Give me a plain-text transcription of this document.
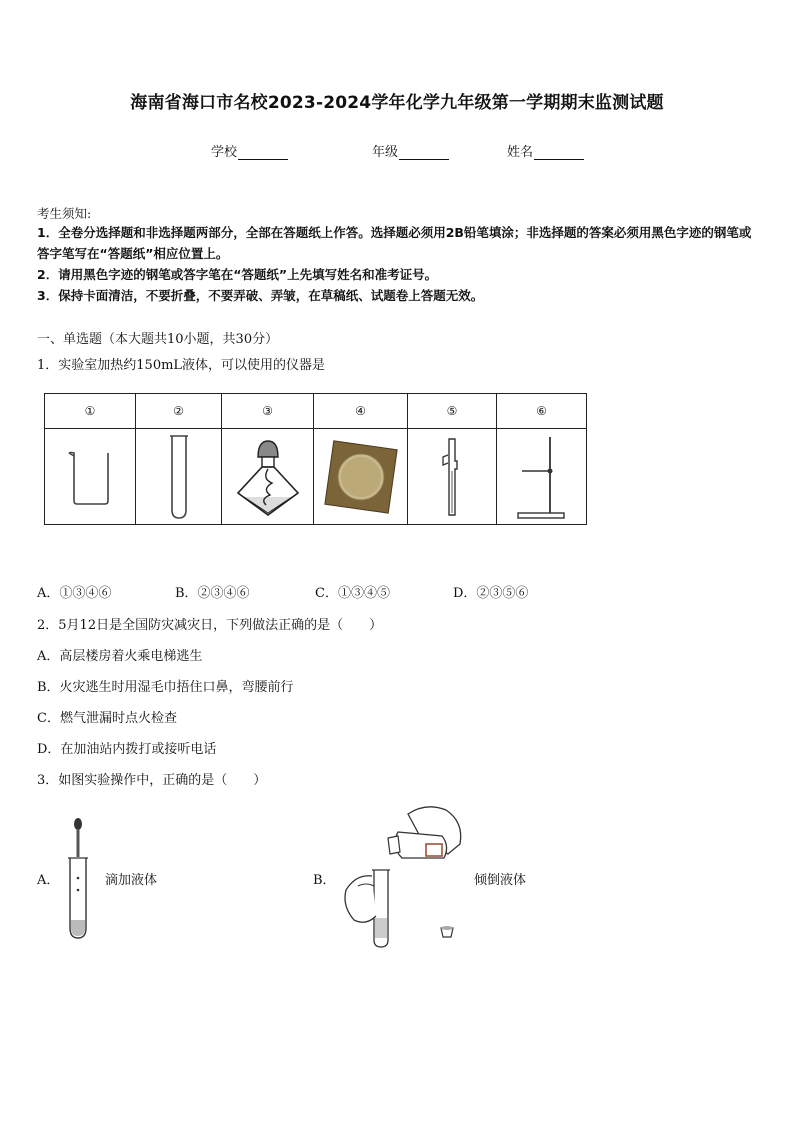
海南省海口市名校2023-2024学年化学九年级第一学期期末监测试题
学校	年级	姓名
考生须知:

1．全卷分选择题和非选择题两部分，全部在答题纸上作答。选择题必须用2B铅笔填涂；非选择题的答案必须用黑色字迹的钢笔或答字笔写在“答题纸”相应位置上。

2．请用黑色字迹的钢笔或答字笔在“答题纸”上先填写姓名和准考证号。

3．保持卡面清洁，不要折叠，不要弄破、弄皱，在草稿纸、试题卷上答题无效。

一、单选题（本大题共10小题，共30分）
1．实验室加热约150mL液体，可以使用的仪器是
①	②	③	④	⑤	⑥

A．①③④⑥	B．②③④⑥	C．①③④⑤	D．②③⑤⑥
2．5月12日是全国防灾减灾日，下列做法正确的是（　　）
A．高层楼房着火乘电梯逃生
B．火灾逃生时用湿毛巾捂住口鼻，弯腰前行
C．燃气泄漏时点火检查
D．在加油站内拨打或接听电话
3．如图实验操作中，正确的是（　　）
A．	滴加液体	B．	倾倒液体
